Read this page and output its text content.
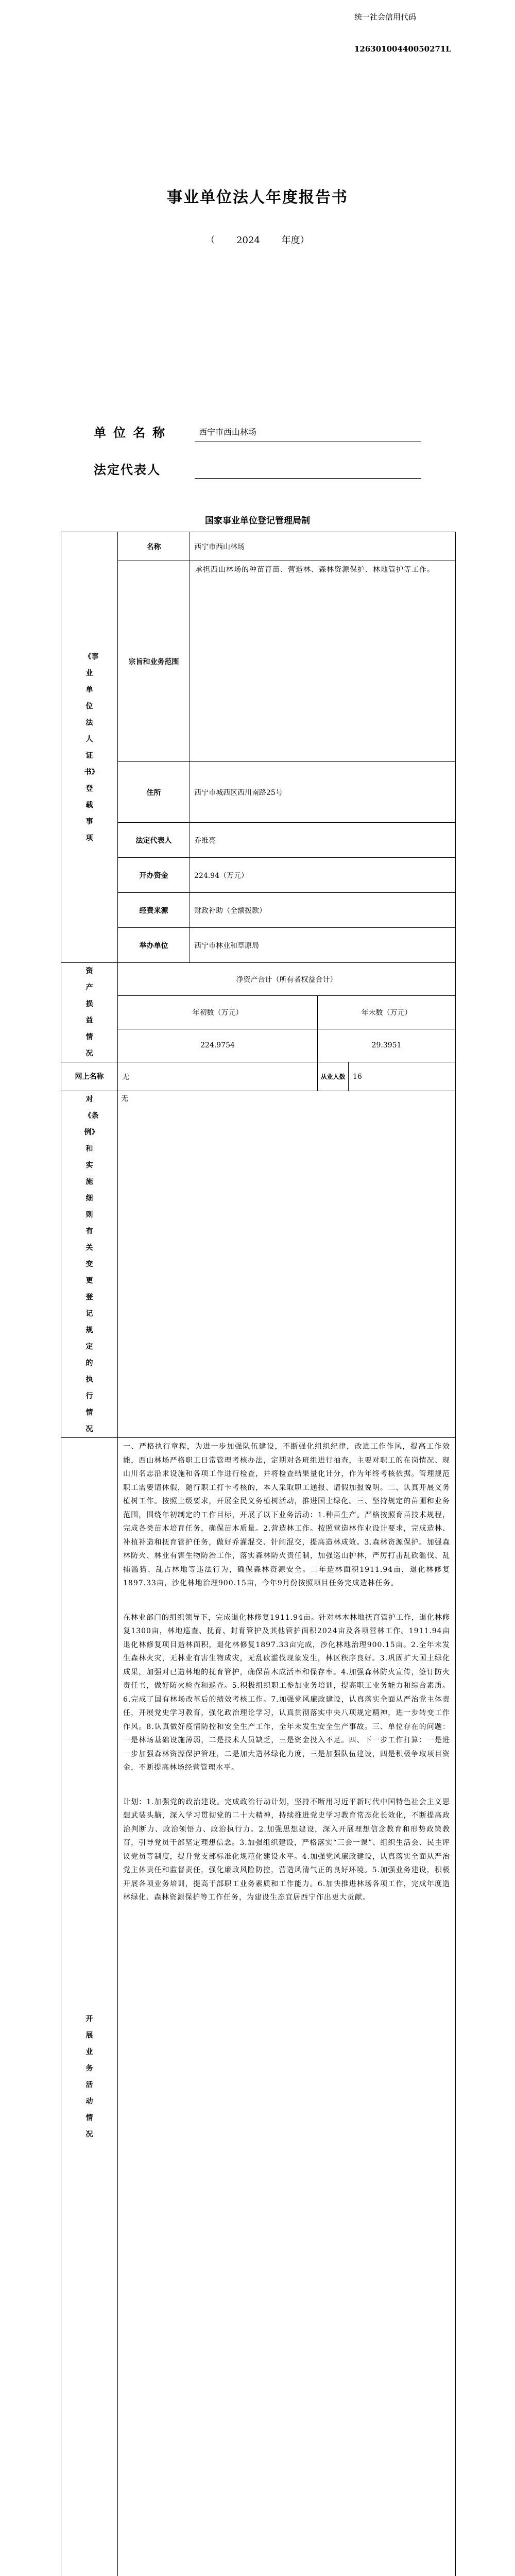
统一社会信用代码
12630100440050271L
事业单位法人年度报告书
（ 2024 年度）
单位名称	西宁市西山林场
法定代表人
国家事业单位登记管理局制
《事业单位法人证书》登载事项	名称	西宁市西山林场		
	宗旨和业务范围	承担西山林场的种苗育苗、营造林、森林资源保护、林地管护等工作。		
	住所	西宁市城西区西川南路25号		
	法定代表人	乔维亮		
	开办资金	224.94（万元）		
	经费来源	财政补助（全额拨款）		
	举办单位	西宁市林业和草原局		
资产损益情况	净资产合计（所有者权益合计）			
	年初数（万元）		年末数（万元）	
	224.9754		29.3951	
网上名称	无		从业人数	16
对《条例》和实施细则有关变更登记规定的执行情况	无			
开展业务活动情况	一、严格执行章程，为进一步加强队伍建设，不断强化组织纪律，改进工作作风，提高工作效能，西山林场严格职工日常管理考核办法，定期对各班组进行抽查，主要对职工的在岗情况、现山川名志沿求设施和各项工作进行检查，并将检查结果量化计分，作为年终考核依据。管理规范职工需要请休假，随行职工打卡考核的，本人采取职工通报、请假加报说明。二、认真开展义务植树工作。按照上级要求，开展全民义务植树活动，推进国土绿化。三、坚持规定的苗圃和业务范围，围绕年初制定的工作目标，开展了以下业务活动：1.种苗生产。严格按照育苗技术规程，完成各类苗木培育任务，确保苗木质量。2.营造林工作。按照营造林作业设计要求，完成造林、补植补造和抚育管护任务，做好乔灌混交、针阔混交，提高造林成效。3.森林资源保护。加强森林防火、林业有害生物防治工作，落实森林防火责任制，加强巡山护林，严厉打击乱砍滥伐、乱捕滥猎、乱占林地等违法行为，确保森林资源安全。二年造林面积1911.94亩，退化林修复1897.33亩，沙化林地治理900.15亩，今年9月份按照项目任务完成造林任务。
在林业部门的组织领导下，完成退化林修复1911.94亩。针对林木林地抚育管护工作，退化林修复1300亩，林地巡查、抚育、封育管护及其他管护面积2024亩及各项营林工作。1911.94亩退化林修复项目造林面积，退化林修复1897.33亩完成，沙化林地治理900.15亩。2.全年未发生森林火灾，无林业有害生物成灾，无乱砍滥伐现象发生，林区秩序良好。3.巩固扩大国土绿化成果，加强对已造林地的抚育管护，确保苗木成活率和保存率。4.加强森林防火宣传，签订防火责任书，做好防火检查和巡查。5.积极组织职工参加业务培训，提高职工业务能力和综合素质。6.完成了国有林场改革后的绩效考核工作。7.加强党风廉政建设，认真落实全面从严治党主体责任，开展党史学习教育，强化政治理论学习，认真贯彻落实中央八项规定精神，进一步转变工作作风。8.认真做好疫情防控和安全生产工作，全年未发生安全生产事故。三、单位存在的问题：一是林场基础设施薄弱，二是技术人员缺乏，三是资金投入不足。四、下一步工作打算：一是进一步加强森林资源保护管理，二是加大造林绿化力度，三是加强队伍建设，四是积极争取项目资金，不断提高林场经营管理水平。
计划：1.加强党的政治建设。完成政治行动计划，坚持不断用习近平新时代中国特色社会主义思想武装头脑，深入学习贯彻党的二十大精神，持续推进党史学习教育常态化长效化，不断提高政治判断力、政治领悟力、政治执行力。2.加强思想建设，深入开展理想信念教育和形势政策教育，引导党员干部坚定理想信念。3.加强组织建设，严格落实“三会一课”、组织生活会、民主评议党员等制度，提升党支部标准化规范化建设水平。4.加强党风廉政建设，认真落实全面从严治党主体责任和监督责任，强化廉政风险防控，营造风清气正的良好环境。5.加强业务建设，积极开展各项业务培训，提高干部职工业务素质和工作能力。6.加快推进林场各项工作，完成年度造林绿化、森林资源保护等工作任务，为建设生态宜居西宁作出更大贡献。			
